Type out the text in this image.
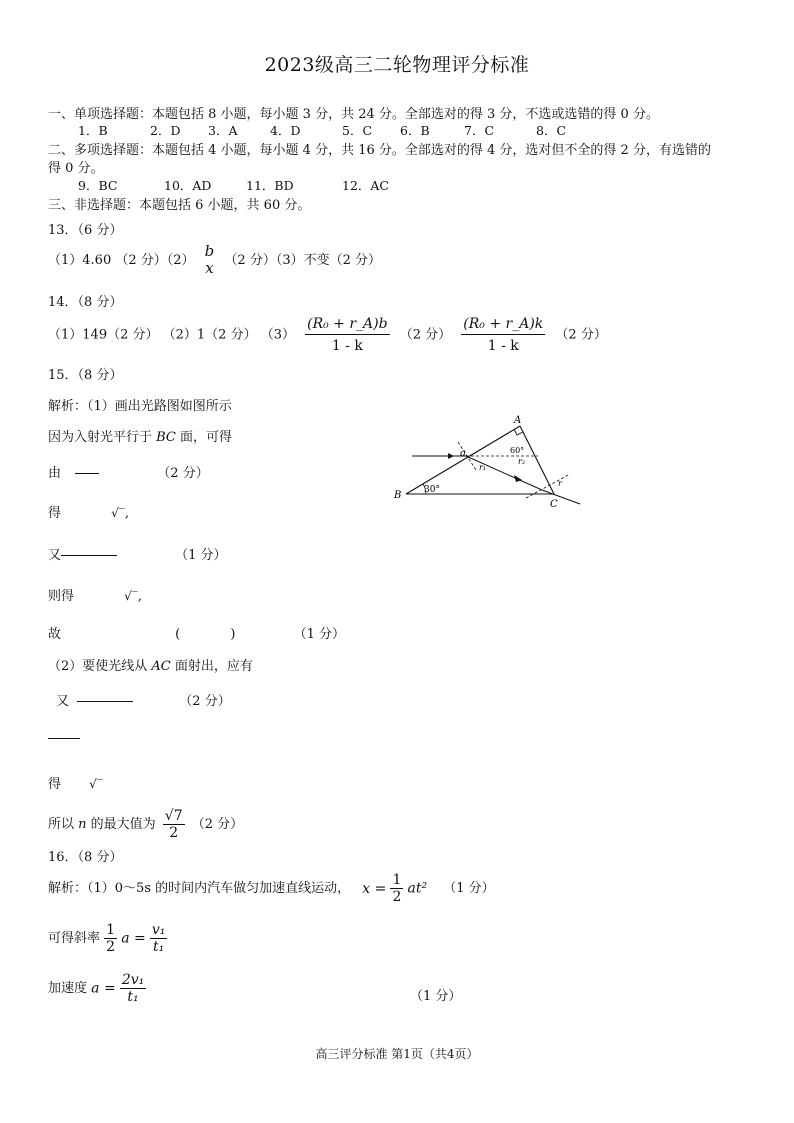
2023级高三二轮物理评分标准
一、单项选择题：本题包括 8 小题，每小题 3 分，共 24 分。全部选对的得 3 分，不选或选错的得 0 分。
1．B	2．D 3．A	4．D	5．C 6．B	7．C	8．C
二、多项选择题：本题包括 4 小题，每小题 4 分，共 16 分。全部选对的得 4 分，选对但不全的得 2 分，有选错的
得 0 分。
9．BC	10．AD	11．BD	12．AC
三、非选择题：本题包括 6 小题，共 60 分。
13．（6 分）
（1）4.60 （2 分）（2）
b
x （2 分）（3）不变（2 分）
14．（8 分）
（1）149（2 分） （2）1（2 分） $(3) \frac{\text{(R₀ + r\_A)b}}{1 - k} (2$ 分） $\frac{\text{(R₀ + r\_A)k}}{1 - k} (2$ 分）
15．（8 分）
解析：（1）画出光路图如图所示
因为入射光平行于 BC 面，可得
由	（2 分）
得	√‾,
又	（1 分）
则得	√‾,
故	(	)	（1 分）
（2）要使光线从 AC 面射出，应有
又	（2 分）
得 √‾
所以 n 的最大值为 $\frac{√7}{2} (2$ 分）
A
B
C
a	60°
30°
r₁
r₂
r
16．（8 分）
解析：（1）0～5s 的时间内汽车做匀加速直线运动， $x = \frac{1}{2} at^2$ （1 分）
可得斜率 $\frac{1}{2}$ $a = \frac{\text{v₁}}{\text{t₁}}$
加速度 $a = \frac{\text{2v₁}}{\text{t₁}}$	（1 分）
高三评分标准 第1页（共4页）
